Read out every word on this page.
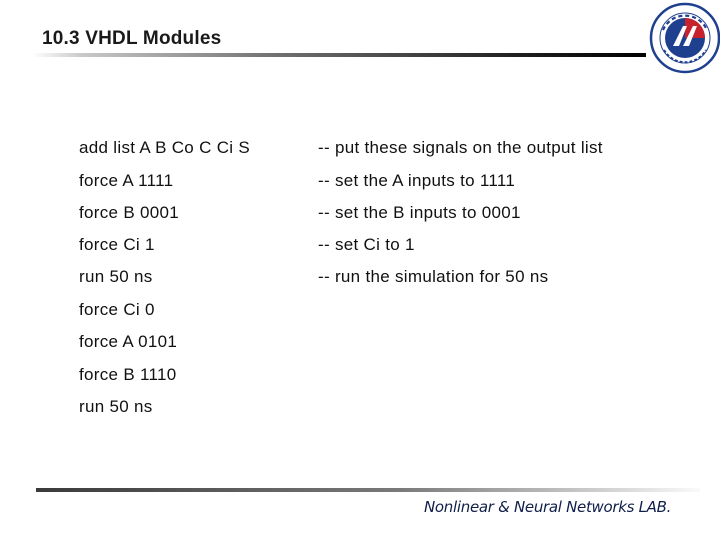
10.3 VHDL Modules
add list A B Co C Ci S	-- put these signals on the output list
force A 1111	-- set the A inputs to 1111
force B 0001	-- set the B inputs to 0001
force Ci 1	-- set Ci to 1
run 50 ns	-- run the simulation for 50 ns
force Ci 0
force A 0101
force B 1110
run 50 ns
Nonlinear & Neural Networks LAB.
